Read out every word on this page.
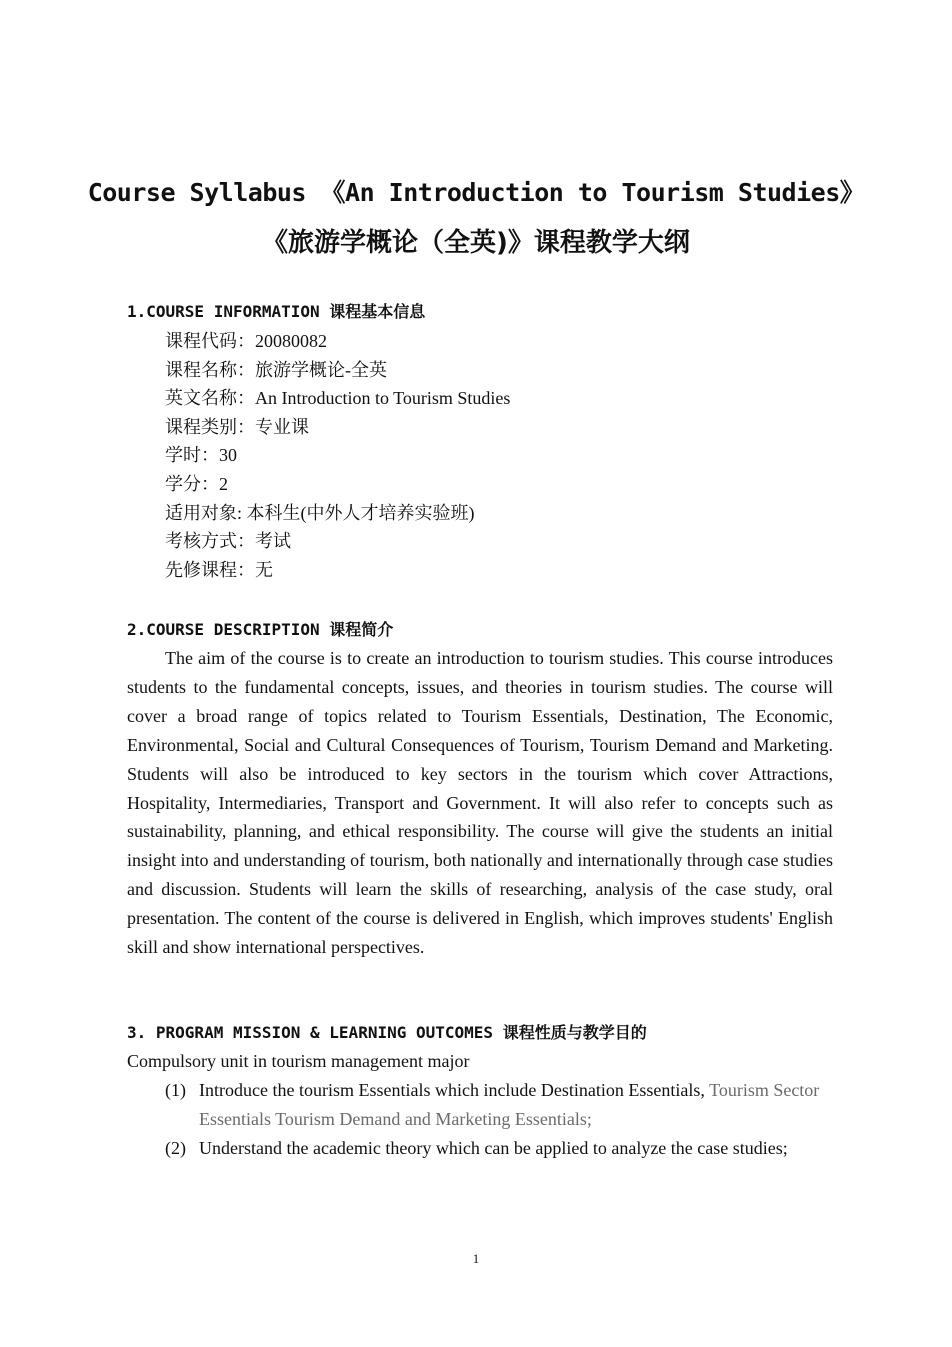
Course Syllabus 《An Introduction to Tourism Studies》
《旅游学概论（全英)》课程教学大纲
1.COURSE INFORMATION 课程基本信息
课程代码：20080082
课程名称：旅游学概论-全英
英文名称：An Introduction to Tourism Studies
课程类别：专业课
学时：30
学分：2
适用对象: 本科生(中外人才培养实验班)
考核方式：考试
先修课程：无
2.COURSE DESCRIPTION 课程简介

The aim of the course is to create an introduction to tourism studies. This course introduces students to the fundamental concepts, issues, and theories in tourism studies. The course will cover a broad range of topics related to Tourism Essentials, Destination, The Economic, Environmental, Social and Cultural Consequences of Tourism, Tourism Demand and Marketing. Students will also be introduced to key sectors in the tourism which cover Attractions, Hospitality, Intermediaries, Transport and Government. It will also refer to concepts such as sustainability, planning, and ethical responsibility. The course will give the students an initial insight into and understanding of tourism, both nationally and internationally through case studies and discussion. Students will learn the skills of researching, analysis of the case study, oral presentation. The content of the course is delivered in English, which improves students' English skill and show international perspectives.

3. PROGRAM MISSION & LEARNING OUTCOMES 课程性质与教学目的
Compulsory unit in tourism management major
(1) Introduce the tourism Essentials which include Destination Essentials, Tourism Sector Essentials Tourism Demand and Marketing Essentials;
(2) Understand the academic theory which can be applied to analyze the case studies;
1
